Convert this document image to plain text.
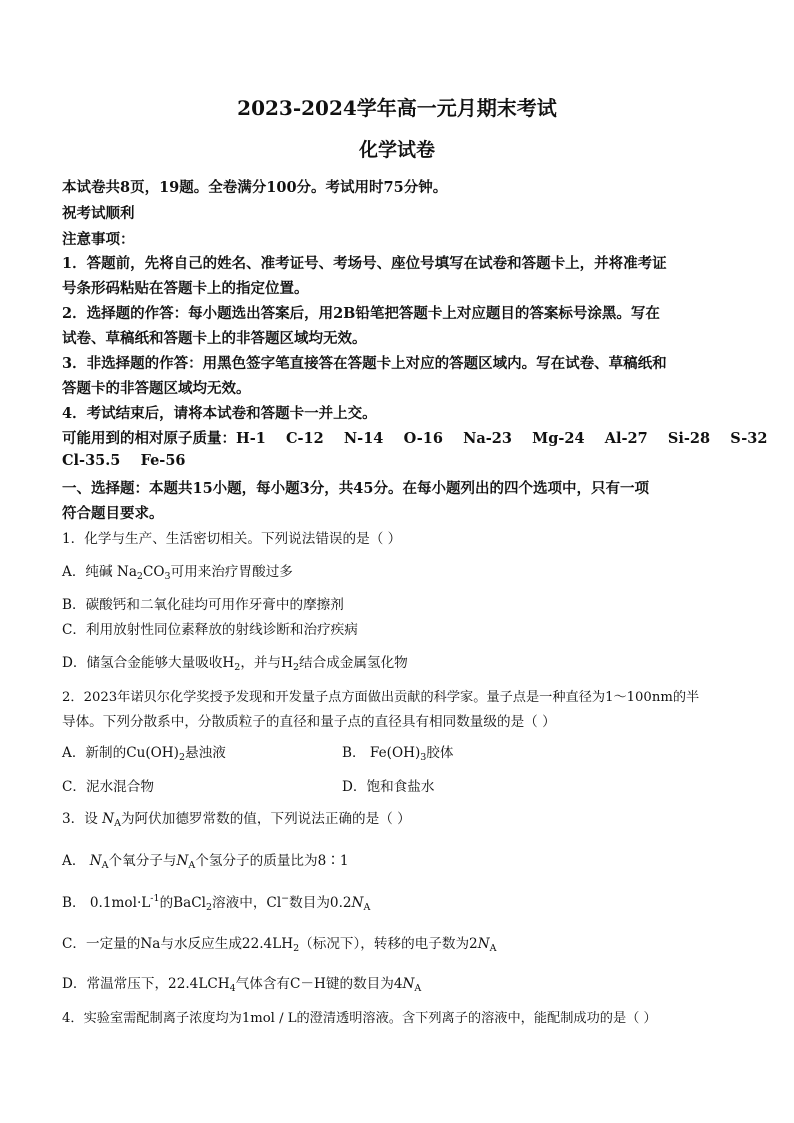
2023-2024学年高一元月期末考试
化学试卷
本试卷共8页，19题。全卷满分100分。考试用时75分钟。
祝考试顺利
注意事项：
1．答题前，先将自己的姓名、准考证号、考场号、座位号填写在试卷和答题卡上，并将准考证
号条形码粘贴在答题卡上的指定位置。
2．选择题的作答：每小题选出答案后，用2B铅笔把答题卡上对应题目的答案标号涂黑。写在
试卷、草稿纸和答题卡上的非答题区域均无效。
3．非选择题的作答：用黑色签字笔直接答在答题卡上对应的答题区域内。写在试卷、草稿纸和
答题卡的非答题区域均无效。
4．考试结束后，请将本试卷和答题卡一并上交。
可能用到的相对原子质量：H-1    C-12    N-14    O-16    Na-23    Mg-24    Al-27    Si-28    S-32
Cl-35.5    Fe-56
一、选择题：本题共15小题，每小题3分，共45分。在每小题列出的四个选项中，只有一项
符合题目要求。
1．化学与生产、生活密切相关。下列说法错误的是（ ）
A．纯碱 $Na_2CO_3$可用来治疗胃酸过多
B．碳酸钙和二氧化硅均可用作牙膏中的摩擦剂
C．利用放射性同位素释放的射线诊断和治疗疾病
D．储氢合金能够大量吸收$H_2$，并与$H_2$结合成金属氢化物
2．2023年诺贝尔化学奖授予发现和开发量子点方面做出贡献的科学家。量子点是一种直径为1～100nm的半
导体。下列分散系中，分散质粒子的直径和量子点的直径具有相同数量级的是（ ）
A．新制的$Cu(OH)_2$悬浊液	B． $Fe(OH)_3$胶体
C．泥水混合物	D．饱和食盐水
3．设 $N_A$为阿伏加德罗常数的值，下列说法正确的是（ ）
A． $N_A$个氧分子与$N_A$个氢分子的质量比为8∶1
B． $0.1mol\cdot L^{-1}$的BaCl$_2$溶液中，Cl−数目为$0.2N_A$
C．一定量的Na与水反应生成$22.4LH_2$（标况下），转移的电子数为$2N_A$
D．常温常压下，$22.4LCH_4$气体含有C－H键的数目为$4N_A$
4．实验室需配制离子浓度均为1mol / L的澄清透明溶液。含下列离子的溶液中，能配制成功的是（ ）
